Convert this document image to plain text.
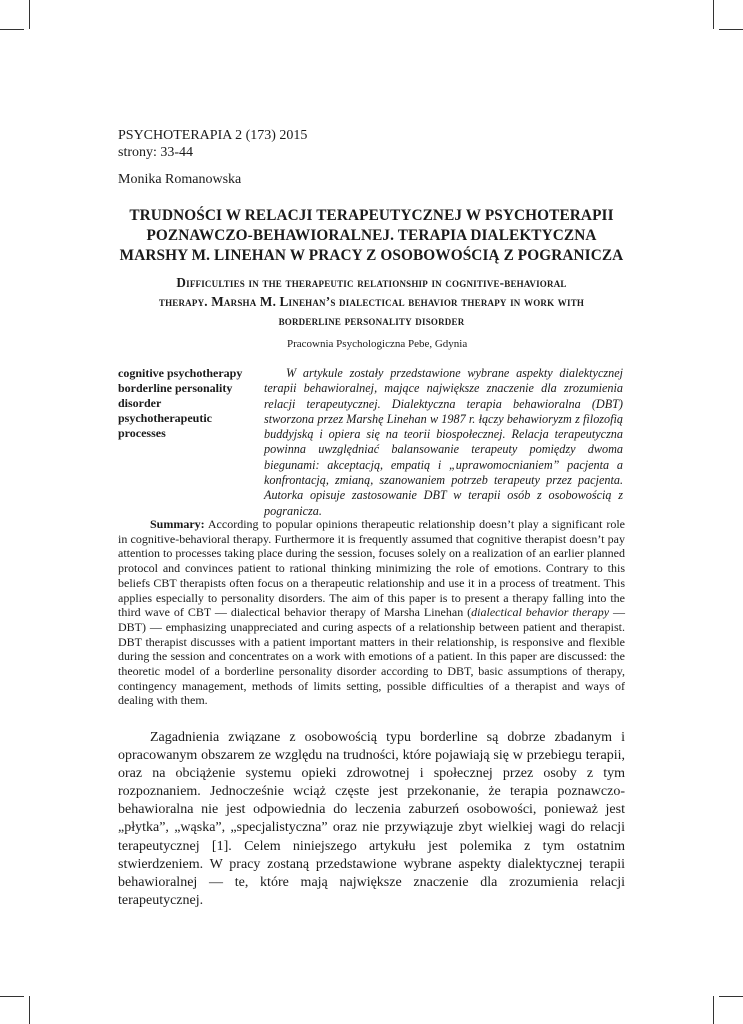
PSYCHOTERAPIA 2 (173) 2015
strony: 33-44
Monika Romanowska
TRUDNOŚCI W RELACJI TERAPEUTYCZNEJ W PSYCHOTERAPII
POZNAWCZO-BEHAWIORALNEJ. TERAPIA DIALEKTYCZNA
MARSHY M. LINEHAN W PRACY Z OSOBOWOŚCIĄ Z POGRANICZA
Difficulties in the therapeutic relationship in cognitive-behavioral
therapy. Marsha M. Linehan’s dialectical behavior therapy in work with
borderline personality disorder
Pracownia Psychologiczna Pebe, Gdynia
cognitive psychotherapy
borderline personality
disorder
psychotherapeutic
processes

W artykule zostały przedstawione wybrane aspekty dialektycznej terapii behawioralnej, mające największe znaczenie dla zrozumienia relacji terapeutycznej. Dialektyczna terapia behawioralna (DBT) stworzona przez Marshę Linehan w 1987 r. łączy behawioryzm z filozofią buddyjską i opiera się na teorii biospołecznej. Relacja terapeutyczna powinna uwzględniać balansowanie terapeuty pomiędzy dwoma biegunami: akceptacją, empatią i „uprawomocnianiem” pacjenta a konfrontacją, zmianą, szanowaniem potrzeb terapeuty przez pacjenta. Autorka opisuje zastosowanie DBT w terapii osób z osobowością z pogranicza.

Summary: According to popular opinions therapeutic relationship doesn’t play a significant role in cognitive-behavioral therapy. Furthermore it is frequently assumed that cognitive therapist doesn’t pay attention to processes taking place during the session, focuses solely on a realization of an earlier planned protocol and convinces patient to rational thinking minimizing the role of emotions. Contrary to this beliefs CBT therapists often focus on a therapeutic relationship and use it in a process of treatment. This applies especially to personality disorders. The aim of this paper is to present a therapy falling into the third wave of CBT — dialectical behavior therapy of Marsha Linehan (dialectical behavior therapy — DBT) — emphasizing unappreciated and curing aspects of a relationship between patient and therapist. DBT therapist discusses with a patient important matters in their relationship, is responsive and flexible during the session and concentrates on a work with emotions of a patient. In this paper are discussed: the theoretic model of a borderline personality disorder according to DBT, basic assumptions of therapy, contingency management, methods of limits setting, possible difficulties of a therapist and ways of dealing with them.

Zagadnienia związane z osobowością typu borderline są dobrze zbadanym i opracowanym obszarem ze względu na trudności, które pojawiają się w przebiegu terapii, oraz na obciążenie systemu opieki zdrowotnej i społecznej przez osoby z tym rozpoznaniem. Jednocześnie wciąż częste jest przekonanie, że terapia poznawczo-behawioralna nie jest odpowiednia do leczenia zaburzeń osobowości, ponieważ jest „płytka”, „wąska”, „specjalistyczna” oraz nie przywiązuje zbyt wielkiej wagi do relacji terapeutycznej [1]. Celem niniejszego artykułu jest polemika z tym ostatnim stwierdzeniem. W pracy zostaną przedstawione wybrane aspekty dialektycznej terapii behawioralnej — te, które mają największe znaczenie dla zrozumienia relacji terapeutycznej.
